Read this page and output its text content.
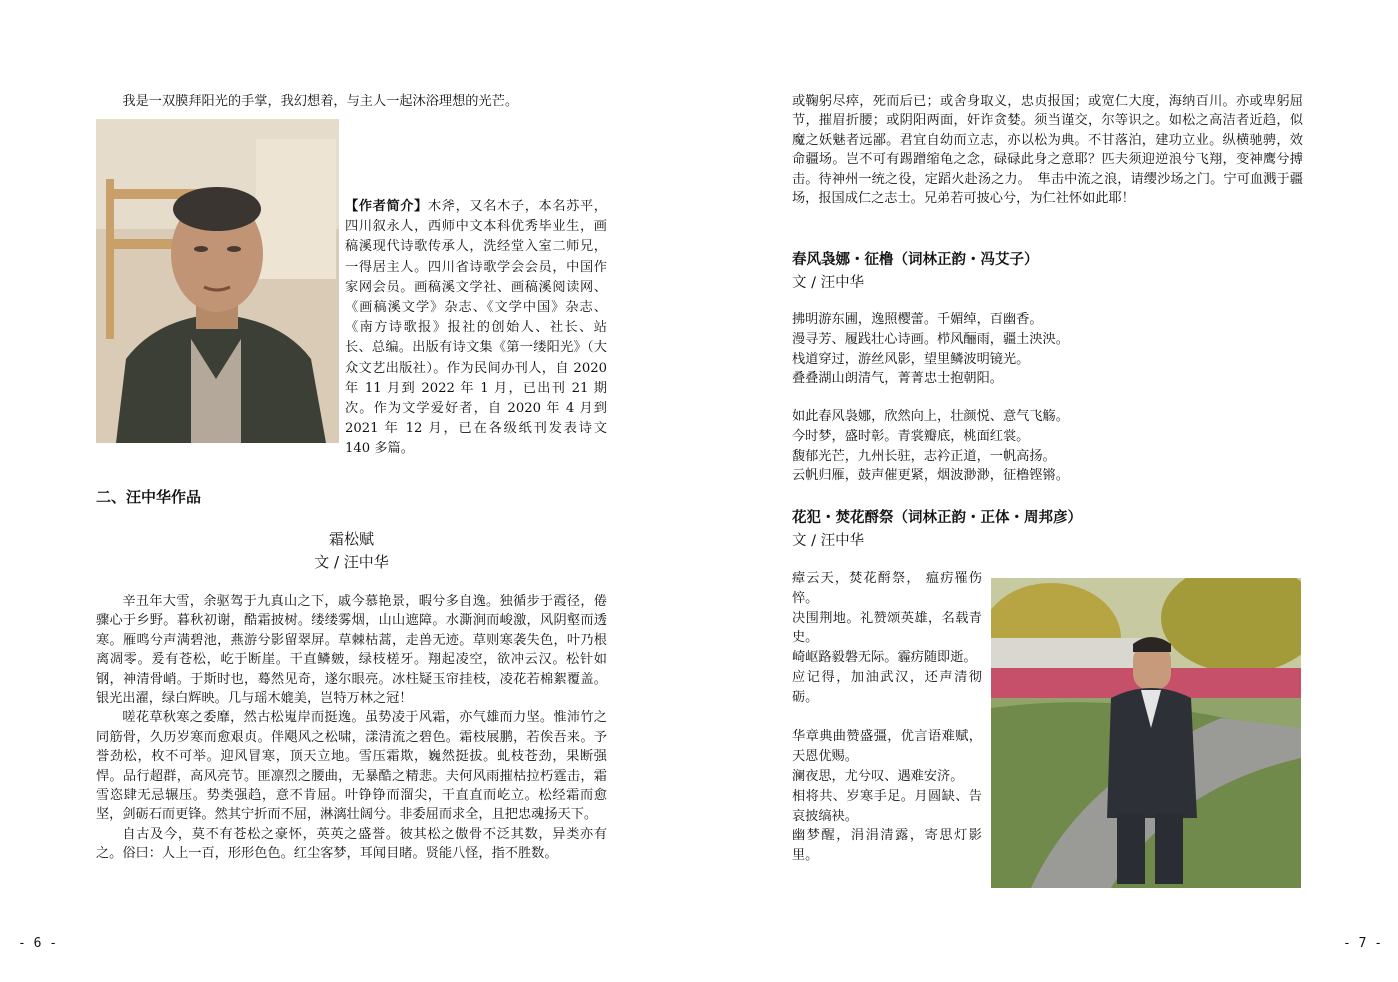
我是一双膜拜阳光的手掌，我幻想着，与主人一起沐浴理想的光芒。

【作者简介】木斧，又名木子，本名苏平，四川叙永人，西师中文本科优秀毕业生，画稿溪现代诗歌传承人，洗经堂入室二师兄，一得居主人。四川省诗歌学会会员，中国作家网会员。画稿溪文学社、画稿溪阅读网、《画稿溪文学》杂志、《文学中国》杂志、《南方诗歌报》报社的创始人、社长、站长、总编。出版有诗文集《第一缕阳光》（大众文艺出版社）。作为民间办刊人，自 2020 年 11 月到 2022 年 1 月，已出刊 21 期次。作为文学爱好者，自 2020 年 4 月到 2021 年 12 月，已在各级纸刊发表诗文 140 多篇。
二、汪中华作品
霜松赋
文 / 汪中华

辛丑年大雪，余驱驾于九真山之下，戚今慕艳景，暇兮多自逸。独循步于霞径，倦骤心于乡野。暮秋初谢，酷霜披树。缕缕雾烟，山山遮障。水澌涧而峻激，风阴壑而透寒。雁鸣兮声满碧池，燕游兮影留翠屏。草棘枯蒿，走兽无迹。草则寒袭失色，叶乃根离凋零。爰有苍松，屹于断崖。干直鳞皴，绿枝槎牙。翔起凌空，欲冲云汉。松针如钢，神清骨峭。于斯时也，蓦然见奇，遂尔眼亮。冰柱疑玉帘挂枝，凌花若棉絮覆盖。银光出濯，绿白辉映。几与瑶木媲美，岂特万林之冠！

嗟花草秋寒之委靡，然古松嵬岸而挺逸。虽势凌于风霜，亦气雄而力坚。惟沛竹之同筋骨，久历岁寒而愈艰贞。伴飓风之松啸，漾清流之碧色。霜枝展鹏，若俟吾来。予誉劲松，枚不可举。迎风冒寒，顶天立地。雪压霜欺，巍然挺拔。虬枝苍劲，果断强悍。品行超群，高风亮节。匪凛烈之腰曲，无暴酷之精悲。夫何风雨摧枯拉朽霆击，霜雪恣肆无忌辗压。势类强趋，意不肯屈。叶铮铮而溜尖，干直直而屹立。松经霜而愈坚，剑砺石而更锋。然其宁折而不屈，淋漓壮阔兮。非委屈而求全，且把忠魂扬天下。

自古及今，莫不有苍松之豪怀，英英之盛誉。彼其松之傲骨不泛其数，异类亦有之。俗曰：人上一百，形形色色。红尘客梦，耳闻目睹。贤能八怪，指不胜数。

- 6 -

或鞠躬尽瘁，死而后已；或舍身取义，忠贞报国；或宽仁大度，海纳百川。亦或卑躬屈节，摧眉折腰；或阴阳两面，奸诈贪婪。须当谨交，尔等识之。如松之高洁者近趋，似魔之妖魅者远鄙。君宜自幼而立志，亦以松为典。不甘落泊，建功立业。纵横驰骋，效命疆场。岂不可有踢蹭缩龟之念，碌碌此身之意耶？匹夫须迎逆浪兮飞翔，变神鹰兮搏击。待神州一统之役，定蹈火赴汤之力。　隼击中流之浪，请缨沙场之门。宁可血溅于疆场，报国成仁之志士。兄弟若可披心兮，为仁社怀如此耶！

春风袅娜・征橹（词林正韵・冯艾子）
文 / 汪中华
拂明游东圃，逸照樱蕾。千媚绰，百幽香。
漫寻芳、履践壮心诗画。栉风酾雨，疆土泱泱。
栈道穿过，游丝风影，望里鳞波明镜光。
叠叠湖山朗清气，菁菁忠士抱朝阳。
如此春风袅娜，欣然向上，壮颜悦、意气飞觞。
今时梦，盛时彰。青裳瓣底，桃面红裳。
馥郁光芒，九州长驻，志衿正道，一帆高扬。
云帆归雁，鼓声催更紧，烟波渺渺，征橹铿锵。
花犯・焚花酹祭（词林正韵・正体・周邦彦）
文 / 汪中华
瘴云天，焚花酹祭， 瘟疠罹伤悴。
决围荆地。礼赞颂英雄，名载青史。
崎岖路毅磐无际。霾疠随即逝。
应记得，加油武汉，还声清彻砺。
华章典曲赞盛彊，优言语难赋，天恩优赐。
澜夜思，尤兮叹、遇难安济。
相将共、岁寒手足。月圆缺、告哀披缟袂。
幽梦醒，涓涓清露，寄思灯影里。
- 7 -
